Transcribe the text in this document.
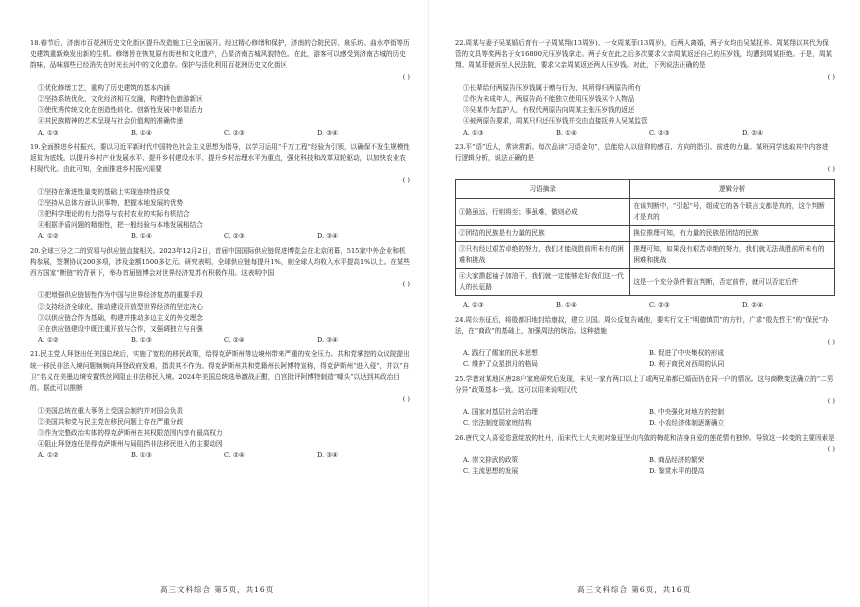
18.春节后，济南市百花洲历史文化街区提升改造施工已全面展开。经过精心修缮和保护，济南的合院民居、泉乐坊、曲水亭街等历史建筑重新焕发出新的生机。修缮旨在恢复原有街巷和文化遗产，凸显济南古城风貌特色。在此，游客可以感受到济南古城的历史韵味，品味那些已经消失在时光长河中的文化遗存。保护与活化利用百花洲历史文化街区
( )
①优化修缮工艺，重构了历史建筑的基本内涵
②坚持系统优化，文化经济相互交融，构建特色旅游新区
③使优秀传统文化在创造性转化、创新性发展中彰显活力
④其民族精神的艺术呈现与社会价值观的准确传递
A. ①③	B. ①④	C. ②③	D. ③④
19.全面推进乡村振兴，要以习近平新时代中国特色社会主义思想为指导，以学习运用“千万工程”经验为引领，以确保不发生规模性返贫为底线，以提升乡村产业发展水平、提升乡村建设水平、提升乡村治理水平为重点，强化科技和改革双轮驱动，以加快农业农村现代化。由此可知，全面推进乡村振兴需要
( )
①坚持在渐进性量变的基础上实现连续性质变
②坚持从总体方面认识事物，把握本地发展的优势
③把科学理论的有力指导与农村农业的实际有机结合
④根据矛盾问题的精细性，把一般经验与本地发展相结合
A. ①②	B. ①④	C. ②③	D. ③④
20.全球三分之二的贸易与供应链直接相关。2023年12月2日，首届中国国际供应链促进博览会在北京闭幕，515家中外企业和机构参展，签署协议200多项，涉及金额1500多亿元。研究表明，全球供应链每提升1%，则全球人均收入水平提高1%以上。在某些西方国家“断链”的背景下，举办首届链博会对世界经济复苏有积极作用。这表明中国
( )
①把增强供应链韧性作为中国与世界经济复苏的重要手段
②支持经济全球化，推动建设开放型世界经济的坚定决心
③以供应链合作为基础，构建并推动多边主义的外交理念
④在供应链建设中既注重开放与合作，又强调独立与自强
A. ①②	B. ①③	C. ②④	D. ③④
21.民主党人拜登出任美国总统后，实施了宽松的移民政策，给得克萨斯州等边境州带来严重的安全压力。共和党掌控的众议院提出统一移民非法入境问题频频向拜登政府发难，指责其不作为。得克萨斯州共和党籍州长阿博特宣称，得克萨斯州“进入侵”，并以“自卫”名义在美墨边境安置铁丝网阻止非法移民入境。2024年美国总统选举激战正酣，白宫批评阿博特制造“噱头”以达到其政治目的。据此可以推断
( )
①美国总统在重大事务上受国会制约并对国会负责
②美国共和党与民主党在移民问题上存在严重分歧
③作为完整政治实体的得克萨斯州在其权限范围内享有最高权力
④阻止拜登连任是得克萨斯州与局阻挡非法移民进入的主要动因
A. ①②	B. ①③	C. ②④	D. ③④
高三文科综合 第5页，共16页
22.周某与妻子吴某婚后育有一子周某翔(13周岁)、一女周某菲(13周岁)，后两人离婚，两子女均由吴某抚养。周某翔以其代为保管的文具等奖两名于女16800元压岁钱拿走。两子女在此之后多次要求父亲周某返还自己的压岁钱，均遭到周某拒绝。于是，周某翔、周某菲便诉至人民法院，要求父亲周某返还两人压岁钱。对此，下列说法正确的是
( )
①长辈给付两原告压岁钱属于赠与行为，其所得归两原告所有
②作为未成年人，两原告尚不能独立使用压岁钱买个人物品
③吴某作为监护人，有权代两原告向周某主张压岁钱的返还
④被两原告要求，周某只归还压岁钱并交由直接抚养人吴某监管
A. ①③	B. ①④	C. ②③	D. ②④
23.平“语”近人，常读常新。每次品读“习语金句”，总能给人以信仰的感召、方向的指引、前进的力量。某班同学选取其中内容进行逻辑分析，说法正确的是
( )
习语摘录	逻辑分析
①路虽远，行则将至；事虽难，做则必成	在该判断中，“引起”号，组成它的各个联言支都是真的，这个判断才是真的
②团结的民族是有力量的民族	换位推理可知，有力量的民族是团结的民族
③只有经过艰苦卓绝的努力，我们才能战胜前所未有的困难和挑战	推理可知，如果没有艰苦卓绝的努力，我们就无法战胜前所未有的困难和挑战
④大家撸起袖子加油干，我们就一定能够走好我们这一代人的长征路	这是一个充分条件假言判断，否定前件，就可以否定后件
A. ①③	B. ①④	C. ②③	D. ②④
24.周公东征后，将殷都旧地封给康叔，建立卫国。周公反复告诫他，要实行文王“明德慎罚”的方针，广求“殷先哲王”的“保民”办法，在“商政”的基础上，加强周法的统治。这种措施
( )
A. 践行了儒家的民本思想	B. 促进了中央集权的形成
C. 维护了众星拱月的格局	D. 利于商民对西周的认同
25.学者对某地区唐28户家庭研究后发现，未见一家有两口以上丁或两兄弟都已婚而仍在同一户的情况。这与商鞅变法确立的“二男分异”政策基本一致。这可以用来说明汉代
( )
A. 国家对基层社会的治理	B. 中央强化对地方的控制
C. 宗法制度弱家庭结构	D. 小农经济体制逐渐确立
26.唐代文人喜爱恣意绽放的牡丹，而宋代士大夫则对象征坚贞内敛的梅花和洁身自爱的莲花情有独钟。导致这一转变的主要因素是
( )
A. 崇文抑武的政策	B. 商品经济的繁荣
C. 主流思想的发展	D. 鉴赏水平的提高
高三文科综合 第6页，共16页
